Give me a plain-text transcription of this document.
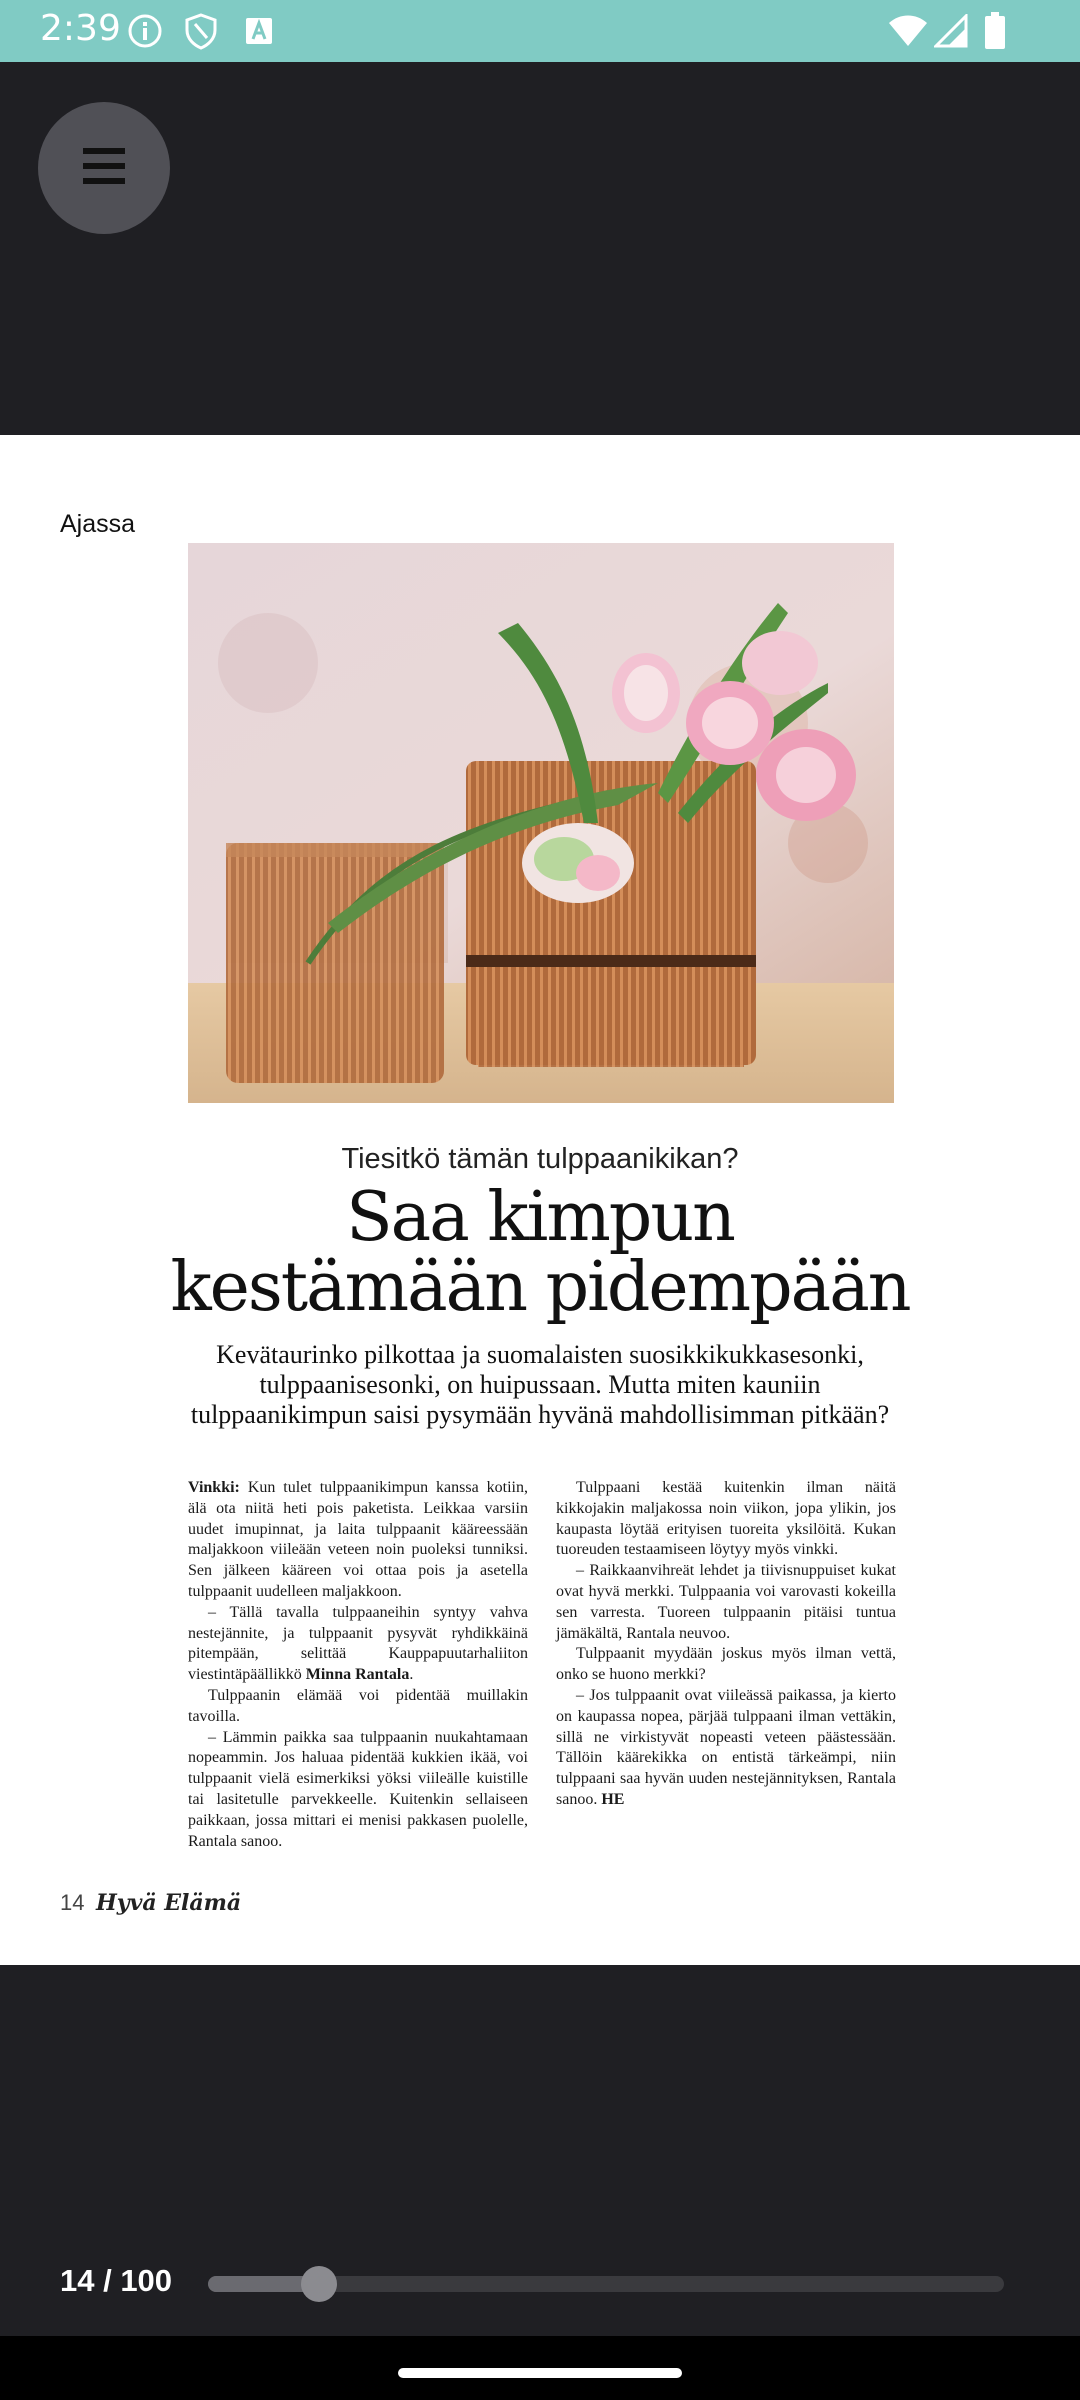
2:39
Ajassa
Tiesitkö tämän tulppaanikikan?
Saa kimpun kestämään pidempään
Kevätaurinko pilkottaa ja suomalaisten suosikkikukkasesonki, tulppaanisesonki, on huipussaan. Mutta miten kauniin tulppaanikimpun saisi pysymään hyvänä mahdollisimman pitkään?

Vinkki: Kun tulet tulppaanikimpun kanssa kotiin, älä ota niitä heti pois paketista. Leikkaa varsiin uudet imupinnat, ja laita tulppaanit kääreessään maljakkoon viileään veteen noin puoleksi tunniksi. Sen jälkeen kääreen voi ottaa pois ja asetella tulppaanit uudelleen maljakkoon.

– Tällä tavalla tulppaaneihin syntyy vahva nestejännite, ja tulppaanit pysyvät ryhdikkäinä pitempään, selittää Kauppapuutarhaliiton viestintäpäällikkö Minna Rantala.

Tulppaanin elämää voi pidentää muillakin tavoilla.

– Lämmin paikka saa tulppaanin nuukahtamaan nopeammin. Jos haluaa pidentää kukkien ikää, voi tulppaanit vielä esimerkiksi yöksi viileälle kuistille tai lasitetulle parvekkeelle. Kuitenkin sellaiseen paikkaan, jossa mittari ei menisi pakkasen puolelle, Rantala sanoo.

Tulppaani kestää kuitenkin ilman näitä kikkojakin maljakossa noin viikon, jopa ylikin, jos kaupasta löytää erityisen tuoreita yksilöitä. Kukan tuoreuden testaamiseen löytyy myös vinkki.

– Raikkaanvihreät lehdet ja tiivisnuppuiset kukat ovat hyvä merkki. Tulppaania voi varovasti kokeilla sen varresta. Tuoreen tulppaanin pitäisi tuntua jämäkältä, Rantala neuvoo.

Tulppaanit myydään joskus myös ilman vettä, onko se huono merkki?

– Jos tulppaanit ovat viileässä paikassa, ja kierto on kaupassa nopea, pärjää tulppaani ilman vettäkin, sillä ne virkistyvät nopeasti veteen päästessään. Tällöin käärekikka on entistä tärkeämpi, niin tulppaani saa hyvän uuden nestejännityksen, Rantala sanoo. HE

14 Hyvä Elämä
14 / 100
